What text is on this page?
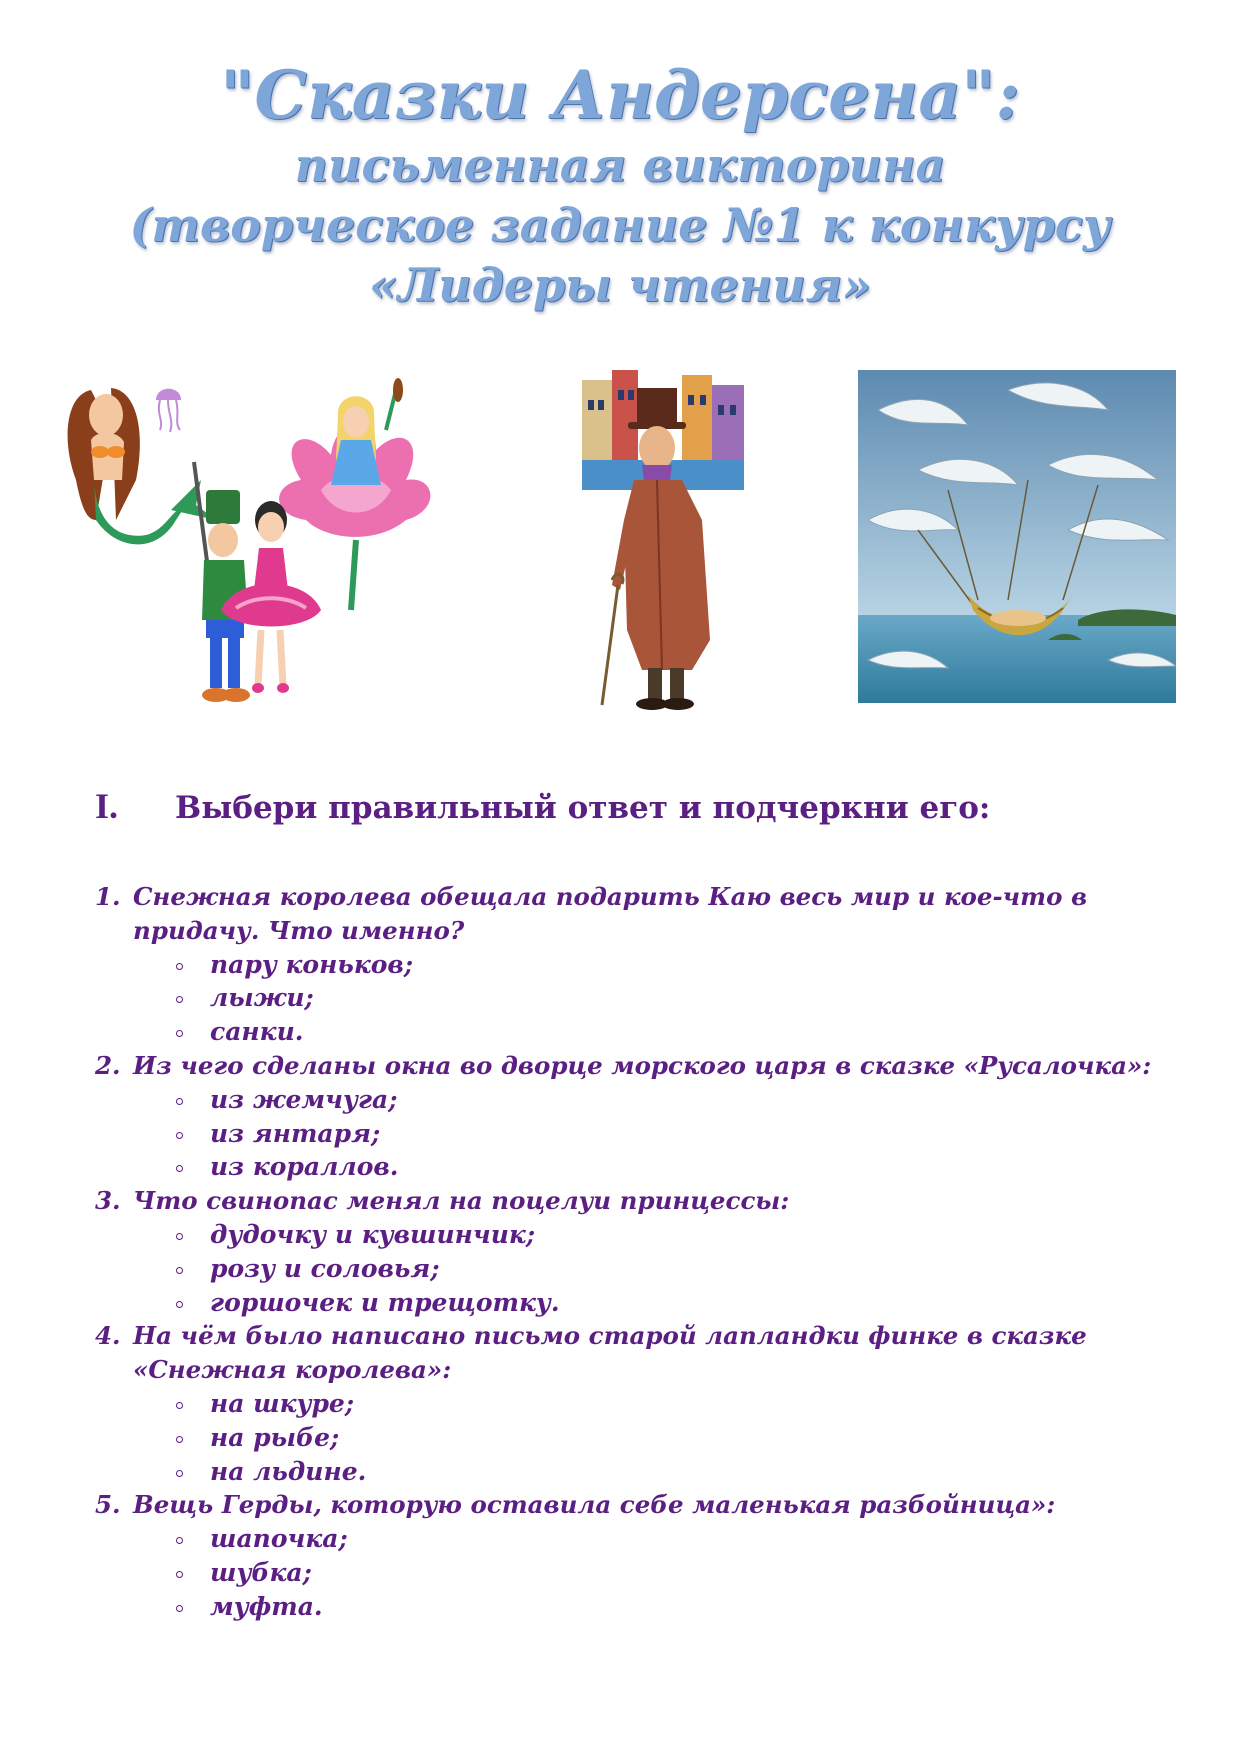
"Сказки Андерсена":
письменная викторина
(творческое задание №1 к конкурсу
«Лидеры чтения»
I. Выбери правильный ответ и подчеркни его:
1. Снежная королева обещала подарить Каю весь мир и кое-что в придачу. Что именно?
пару коньков;
лыжи;
санки.
2. Из чего сделаны окна во дворце морского царя в сказке «Русалочка»:
из жемчуга;
из янтаря;
из кораллов.
3. Что свинопас менял на поцелуи принцессы:
дудочку и кувшинчик;
розу и соловья;
горшочек и трещотку.
4. На чём было написано письмо старой лапландки финке в сказке «Снежная королева»:
на шкуре;
на рыбе;
на льдине.
5. Вещь Герды, которую оставила себе маленькая разбойница»:
шапочка;
шубка;
муфта.
